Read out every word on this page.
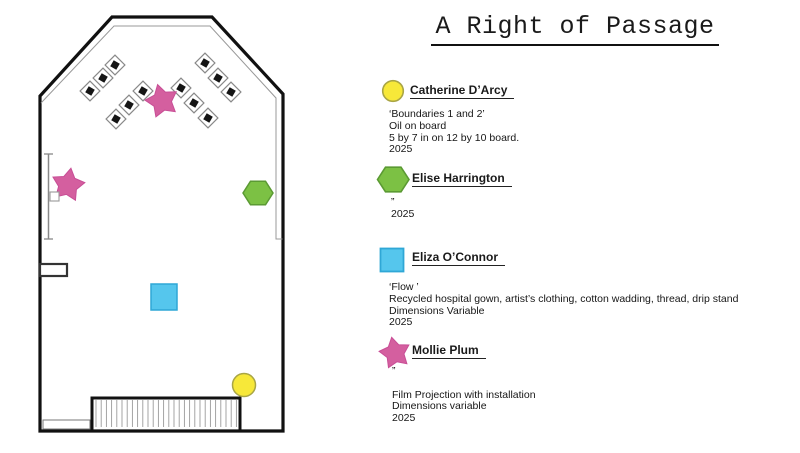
A Right of Passage
Catherine D’Arcy
‘Boundaries 1 and 2’
Oil on board
5 by 7 in on 12 by 10 board.
2025
Elise Harrington
”
2025
Eliza O’Connor
‘Flow ’
Recycled hospital gown, artist’s clothing, cotton wadding, thread, drip stand
Dimensions Variable
2025
Mollie Plum
”

Film Projection with installation
Dimensions variable
2025
